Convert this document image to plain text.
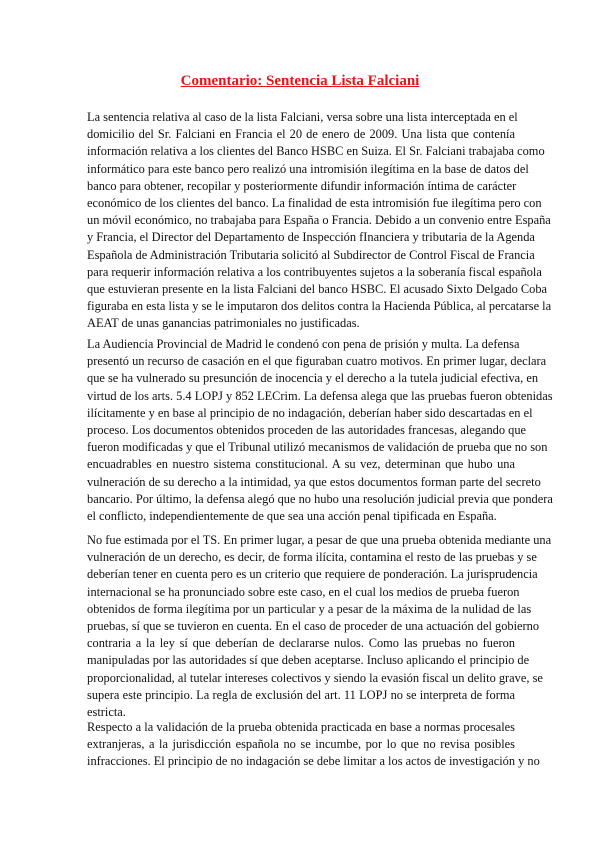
Comentario: Sentencia Lista Falciani
La sentencia relativa al caso de la lista Falciani, versa sobre una lista interceptada en el
domicilio del Sr. Falciani en Francia el 20 de enero de 2009. Una lista que contenía
información relativa a los clientes del Banco HSBC en Suiza. El Sr. Falciani trabajaba como
informático para este banco pero realizó una intromisión ilegítima en la base de datos del
banco para obtener, recopilar y posteriormente difundir información íntima de carácter
económico de los clientes del banco. La finalidad de esta intromisión fue ilegítima pero con
un móvil económico, no trabajaba para España o Francia. Debido a un convenio entre España
y Francia, el Director del Departamento de Inspección fInanciera y tributaria de la Agenda
Española de Administración Tributaria solicitó al Subdirector de Control Fiscal de Francia
para requerir información relativa a los contribuyentes sujetos a la soberanía fiscal española
que estuvieran presente en la lista Falciani del banco HSBC. El acusado Sixto Delgado Coba
figuraba en esta lista y se le imputaron dos delitos contra la Hacienda Pública, al percatarse la
AEAT de unas ganancias patrimoniales no justificadas.
La Audiencia Provincial de Madrid le condenó con pena de prisión y multa. La defensa
presentó un recurso de casación en el que figuraban cuatro motivos. En primer lugar, declara
que se ha vulnerado su presunción de inocencia y el derecho a la tutela judicial efectiva, en
virtud de los arts. 5.4 LOPJ y 852 LECrim. La defensa alega que las pruebas fueron obtenidas
ilícitamente y en base al principio de no indagación, deberían haber sido descartadas en el
proceso. Los documentos obtenidos proceden de las autoridades francesas, alegando que
fueron modificadas y que el Tribunal utilizó mecanismos de validación de prueba que no son
encuadrables en nuestro sistema constitucional. A su vez, determinan que hubo una
vulneración de su derecho a la intimidad, ya que estos documentos forman parte del secreto
bancario. Por último, la defensa alegó que no hubo una resolución judicial previa que pondera
el conflicto, independientemente de que sea una acción penal tipificada en España.
No fue estimada por el TS. En primer lugar, a pesar de que una prueba obtenida mediante una
vulneración de un derecho, es decir, de forma ilícita, contamina el resto de las pruebas y se
deberían tener en cuenta pero es un criterio que requiere de ponderación. La jurisprudencia
internacional se ha pronunciado sobre este caso, en el cual los medios de prueba fueron
obtenidos de forma ilegítima por un particular y a pesar de la máxima de la nulidad de las
pruebas, sí que se tuvieron en cuenta. En el caso de proceder de una actuación del gobierno
contraria a la ley sí que deberían de declararse nulos. Como las pruebas no fueron
manipuladas por las autoridades sí que deben aceptarse. Incluso aplicando el principio de
proporcionalidad, al tutelar intereses colectivos y siendo la evasión fiscal un delito grave, se
supera este principio. La regla de exclusión del art. 11 LOPJ no se interpreta de forma
estricta.
Respecto a la validación de la prueba obtenida practicada en base a normas procesales
extranjeras, a la jurisdicción española no se incumbe, por lo que no revisa posibles
infracciones. El principio de no indagación se debe limitar a los actos de investigación y no
